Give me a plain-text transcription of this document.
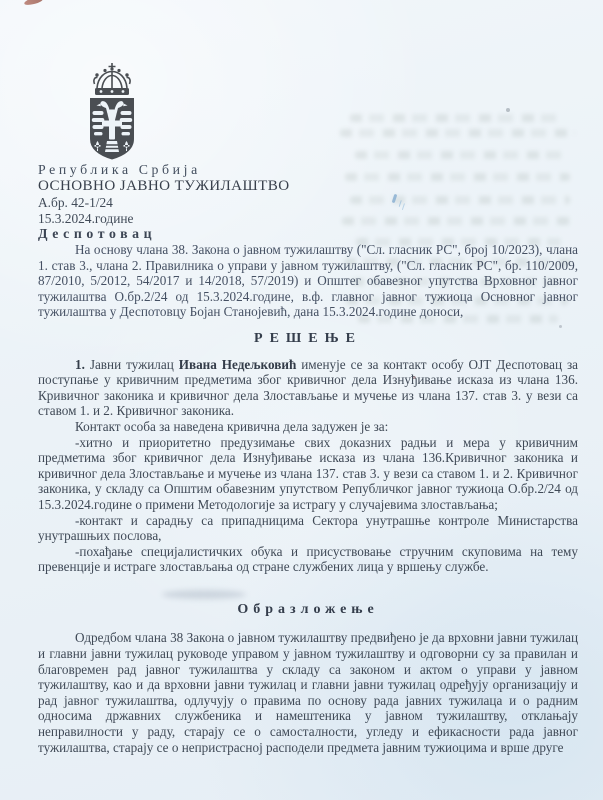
Република Србија
ОСНОВНО ЈАВНО ТУЖИЛАШТВО
А.бр. 42-1/24
15.3.2024.године
Деспотовац

На основу члана 38. Закона о јавном тужилаштву ("Сл. гласник РС", број 10/2023), члана 1. став 3., члана 2. Правилника о управи у јавном тужилаштву, ("Сл. гласник РС", бр. 110/2009, 87/2010, 5/2012, 54/2017 и 14/2018, 57/2019) и Општег обавезног упутства Врховног јавног тужилаштва О.бр.2/24 од 15.3.2024.године, в.ф. главног јавног тужиоца Основног јавног тужилаштва у Деспотовцу Бојан Станојевић, дана 15.3.2024.године доноси,

РЕШЕЊЕ

1. Јавни тужилац Ивана Недељковић именује се за контакт особу ОЈТ Деспотовац за поступање у кривичним предметима због кривичног дела Изнуђивање исказа из члана 136. Кривичног законика и кривичног дела Злостављање и мучење из члана 137. став 3. у вези са ставом 1. и 2. Кривичног законика.

Контакт особа за наведена кривична дела задужен је за:

-хитно и приоритетно предузимање свих доказних радњи и мера у кривичним предметима због кривичног дела Изнуђивање исказа из члана 136.Кривичног законика и кривичног дела Злостављање и мучење из члана 137. став 3. у вези са ставом 1. и 2. Кривичног законика, у складу са Општим обавезним упутством Републичког јавног тужиоца О.бр.2/24 од 15.3.2024.године о примени Методологије за истрагу у случајевима злостављања;

-контакт и сарадњу са припадницима Сектора унутрашње контроле Министарства унутрашњих послова,

-похађање специјалистичких обука и присуствовање стручним скуповима на тему превенције и истраге злостављања од стране службених лица у вршењу службе.

Образложење

Одредбом члана 38 Закона о јавном тужилаштву предвиђено је да врховни јавни тужилац и главни јавни тужилац руководе управом у јавном тужилаштву и одговорни су за правилан и благовремен рад јавног тужилаштва у складу са законом и актом о управи у јавном тужилаштву, као и да врховни јавни тужилац и главни јавни тужилац одређују организацију и рад јавног тужилаштва, одлучују о правима по основу рада јавних тужилаца и о радним односима државних службеника и намештеника у јавном тужилаштву, отклањају неправилности у раду, старају се о самосталности, угледу и ефикасности рада јавног тужилаштва, старају се о непристрасној расподели предмета јавним тужиоцима и врше друге
